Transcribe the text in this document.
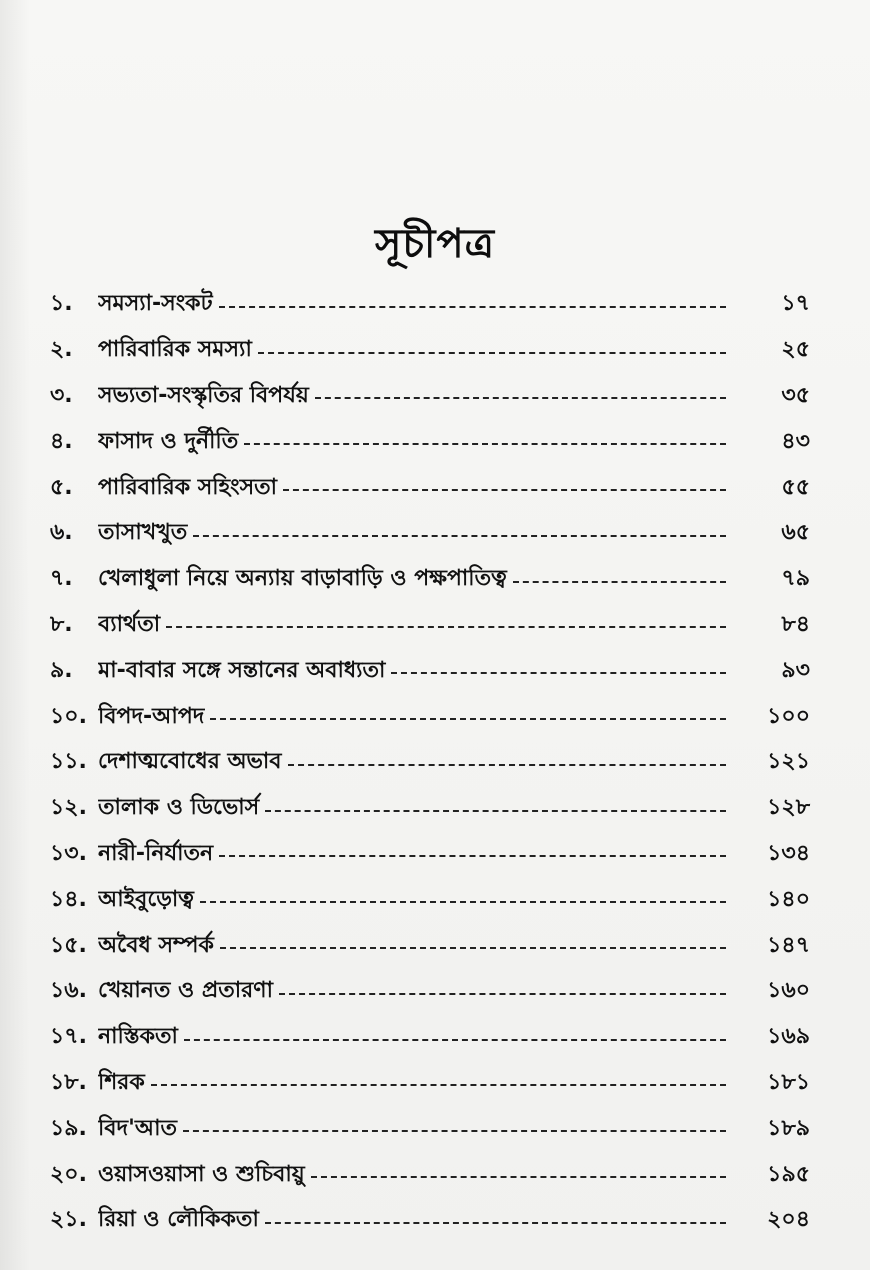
সূচীপত্র
১.	সমস্যা-সংকট	১৭
২.	পারিবারিক সমস্যা	২৫
৩.	সভ্যতা-সংস্কৃতির বিপর্যয়	৩৫
৪.	ফাসাদ ও দুর্নীতি	৪৩
৫.	পারিবারিক সহিংসতা	৫৫
৬.	তাসাখখুত	৬৫
৭.	খেলাধুলা নিয়ে অন্যায় বাড়াবাড়ি ও পক্ষপাতিত্ব	৭৯
৮.	ব্যার্থতা	৮৪
৯.	মা-বাবার সঙ্গে সন্তানের অবাধ্যতা	৯৩
১০. বিপদ-আপদ	১০০
১১. দেশাত্মবোধের অভাব	১২১
১২. তালাক ও ডিভোর্স	১২৮
১৩. নারী-নির্যাতন	১৩৪
১৪. আইবুড়োত্ব	১৪০
১৫. অবৈধ সম্পর্ক	১৪৭
১৬. খেয়ানত ও প্রতারণা	১৬০
১৭. নাস্তিকতা	১৬৯
১৮. শিরক	১৮১
১৯. বিদ'আত	১৮৯
২০. ওয়াসওয়াসা ও শুচিবায়ু	১৯৫
২১. রিয়া ও লৌকিকতা	২০৪
